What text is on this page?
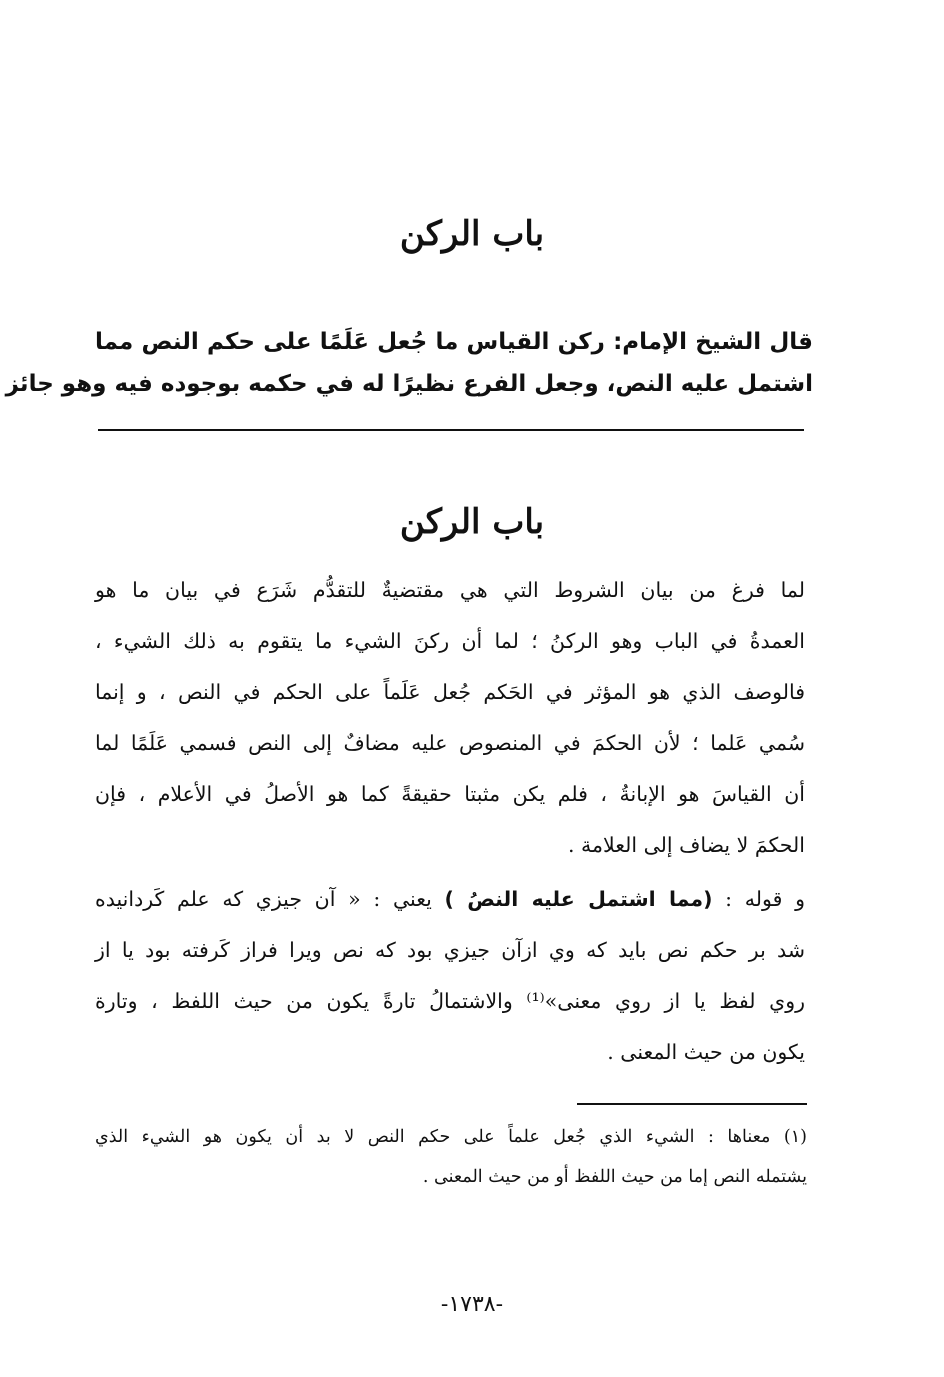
باب الركن

قال الشيخ الإمام: ركن القياس ما جُعل عَلَمًا على حكم النص مما

اشتمل عليه النص، وجعل الفرع نظيرًا له في حكمه بوجوده فيه وهو جائز

باب الركن

لما فرغ من بيان الشروط التي هي مقتضيةٌ للتقدُّم شَرَع في بيان ما هو

العمدةُ في الباب وهو الركنُ ؛ لما أن ركنَ الشيء ما يتقوم به ذلك الشيء ،

فالوصف الذي هو المؤثر في الحَكم جُعل عَلَماً على الحكم في النص ، و إنما

سُمي عَلما ؛ لأن الحكمَ في المنصوص عليه مضافٌ إلى النص فسمي عَلَمًا لما

أن القياسَ هو الإبانةُ ، فلم يكن مثبتا حقيقةً كما هو الأصلُ في الأعلام ، فإن

الحكمَ لا يضاف إلى العلامة .

و قوله : (مما اشتمل عليه النصُ ) يعني : « آن جيزي كه علم كَردانيده

شد بر حكم نص بايد كه وي ازآن جيزي بود كه نص ويرا فراز كَرفته بود يا از

روي لفظ يا از روي معنى»⁽¹⁾ والاشتمالُ تارةً يكون من حيث اللفظ ، وتارة

يكون من حيث المعنى .

(١) معناها : الشيء الذي جُعل علماً على حكم النص لا بد أن يكون هو الشيء الذي

يشتمله النص إما من حيث اللفظ أو من حيث المعنى .

-١٧٣٨-
